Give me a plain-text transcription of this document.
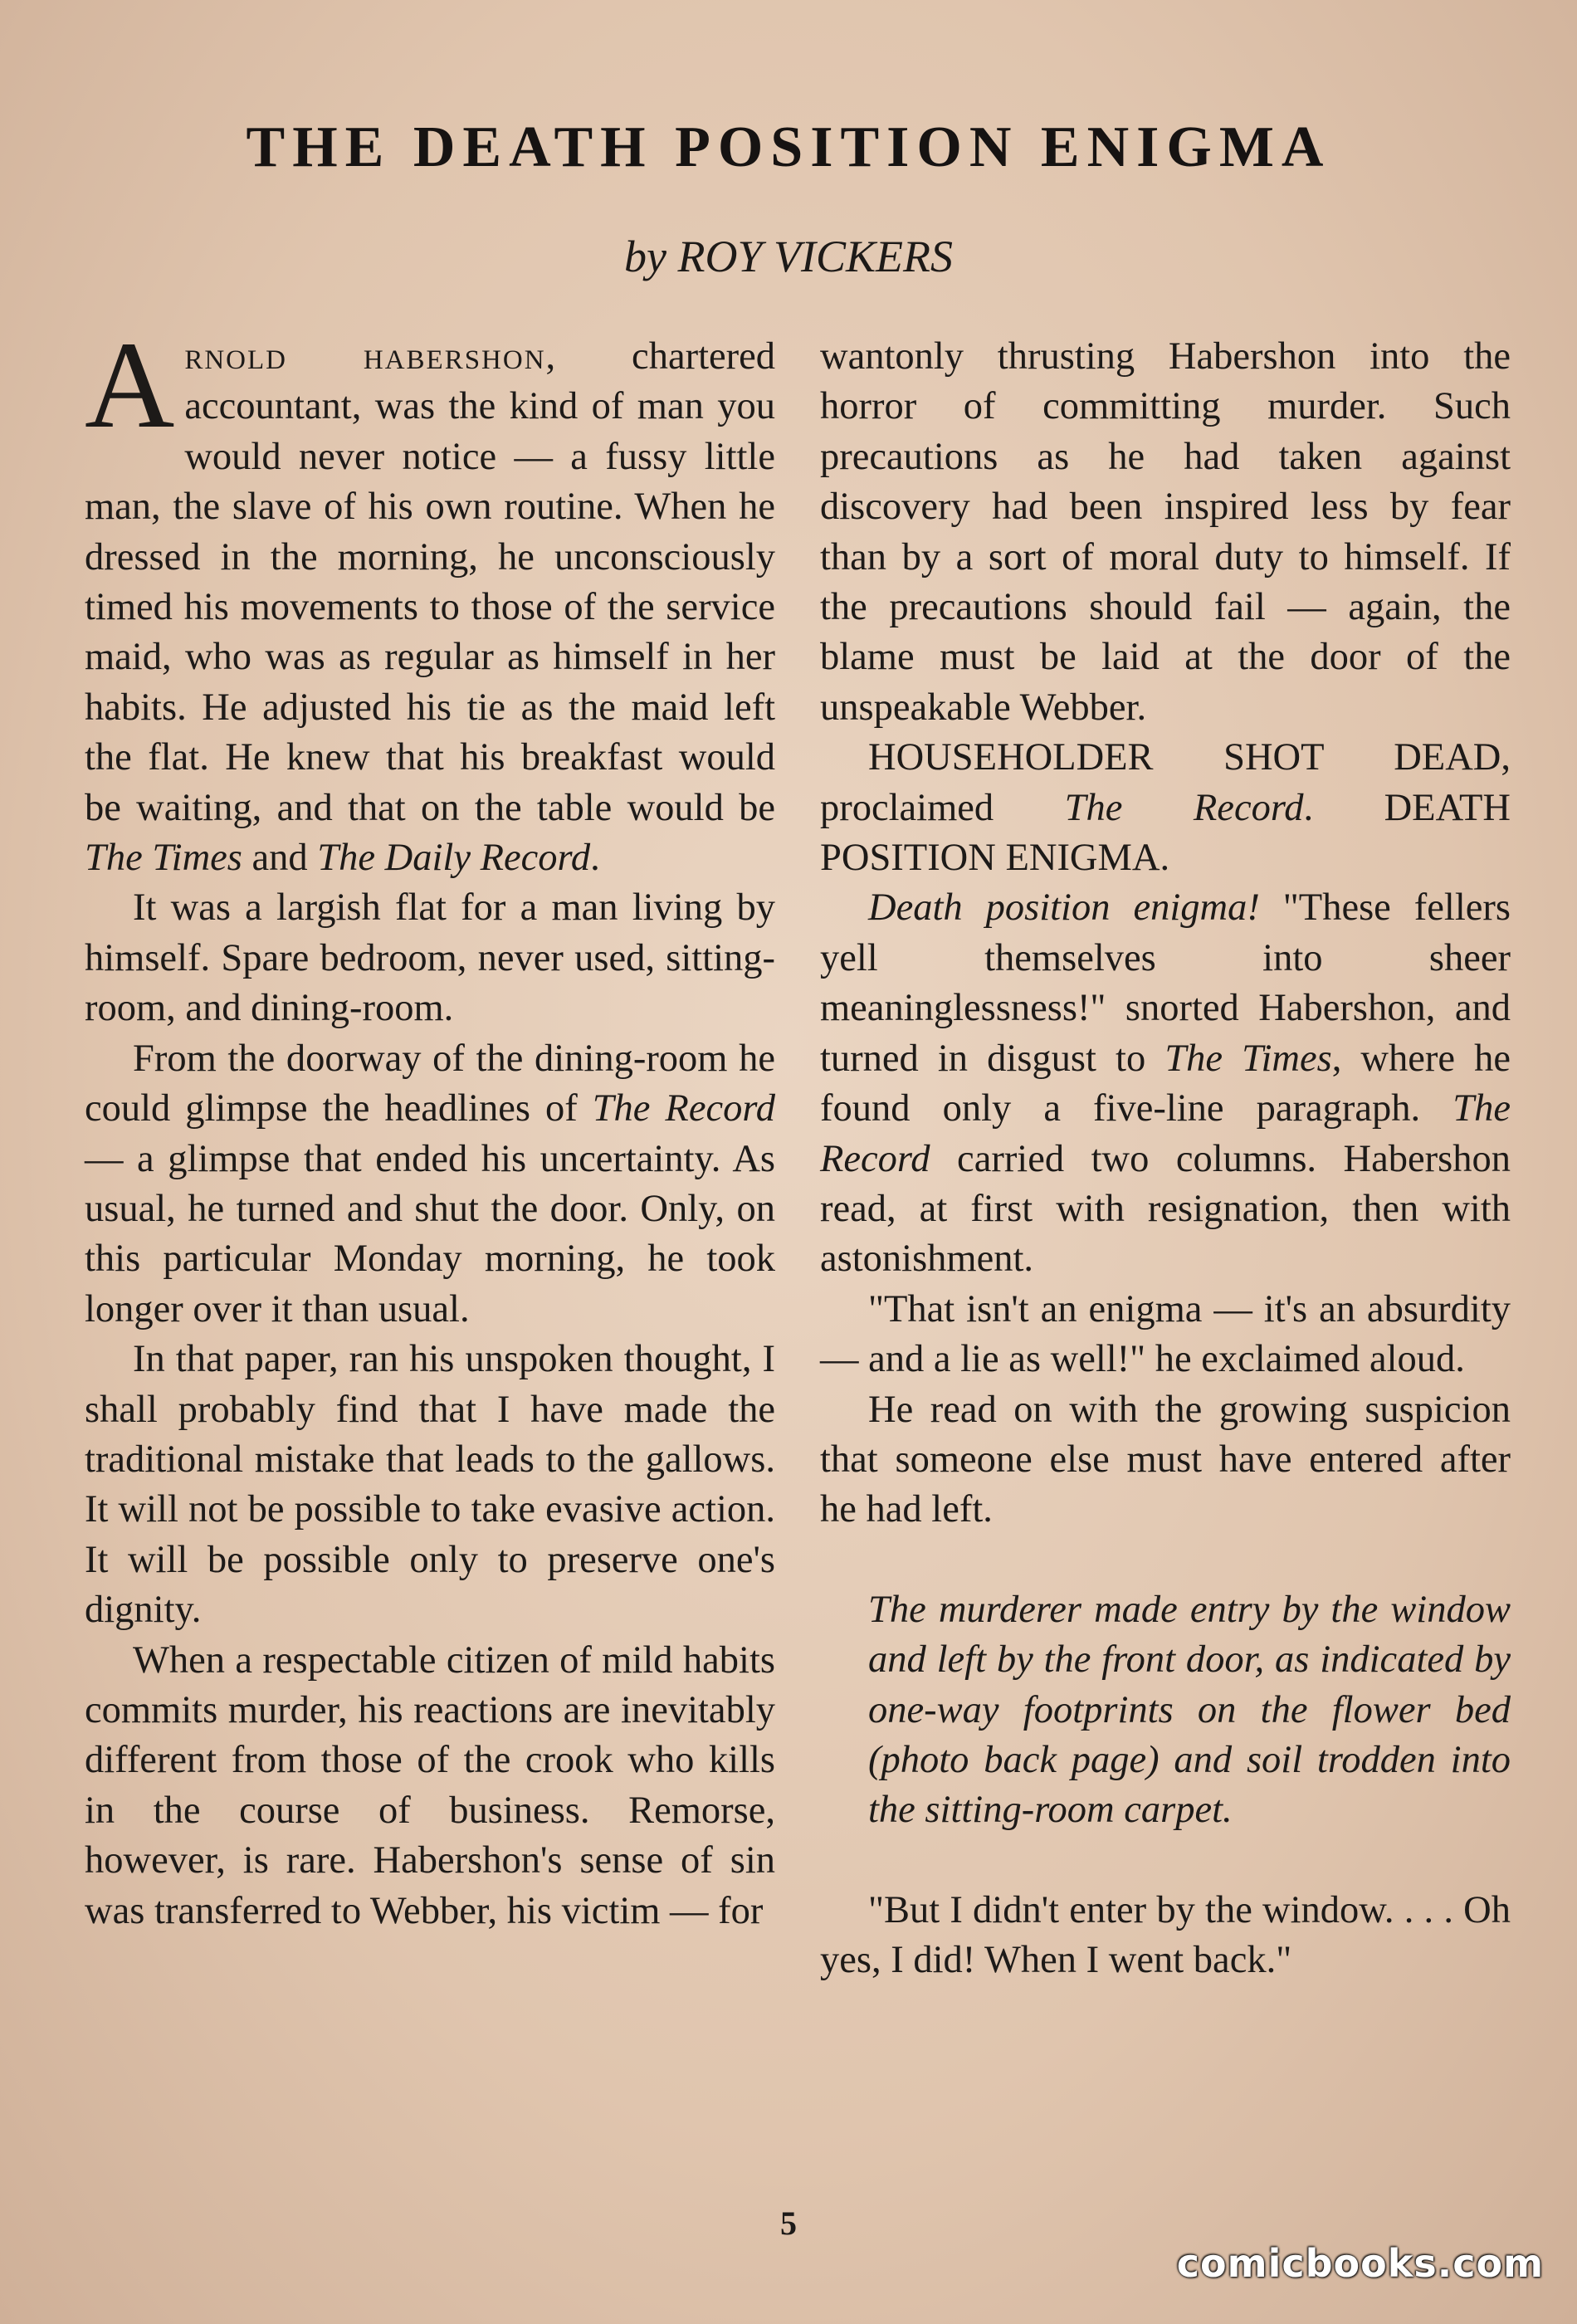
THE DEATH POSITION ENIGMA
by ROY VICKERS

Arnold habershon, chartered accountant, was the kind of man you would never notice — a fussy little man, the slave of his own routine. When he dressed in the morning, he unconsciously timed his movements to those of the service maid, who was as regular as himself in her habits. He adjusted his tie as the maid left the flat. He knew that his breakfast would be waiting, and that on the table would be The Times and The Daily Record.

It was a largish flat for a man living by himself. Spare bedroom, never used, sitting-room, and dining-room.

From the doorway of the dining-room he could glimpse the headlines of The Record — a glimpse that ended his uncertainty. As usual, he turned and shut the door. Only, on this particular Monday morning, he took longer over it than usual.

In that paper, ran his unspoken thought, I shall probably find that I have made the traditional mistake that leads to the gallows. It will not be possible to take evasive action. It will be possible only to preserve one's dignity.

When a respectable citizen of mild habits commits murder, his reactions are inevitably different from those of the crook who kills in the course of business. Remorse, however, is rare. Habershon's sense of sin was transferred to Webber, his victim — for

wantonly thrusting Habershon into the horror of committing murder. Such precautions as he had taken against discovery had been inspired less by fear than by a sort of moral duty to himself. If the precautions should fail — again, the blame must be laid at the door of the unspeakable Webber.

HOUSEHOLDER SHOT DEAD, proclaimed The Record. DEATH POSITION ENIGMA.

Death position enigma! "These fellers yell themselves into sheer meaninglessness!" snorted Habershon, and turned in disgust to The Times, where he found only a five-line paragraph. The Record carried two columns. Habershon read, at first with resignation, then with astonishment.

"That isn't an enigma — it's an absurdity — and a lie as well!" he exclaimed aloud.

He read on with the growing suspicion that someone else must have entered after he had left.

The murderer made entry by the window and left by the front door, as indicated by one-way footprints on the flower bed (photo back page) and soil trodden into the sitting-room carpet.

"But I didn't enter by the window. . . . Oh yes, I did! When I went back."

5
comicbooks.com
